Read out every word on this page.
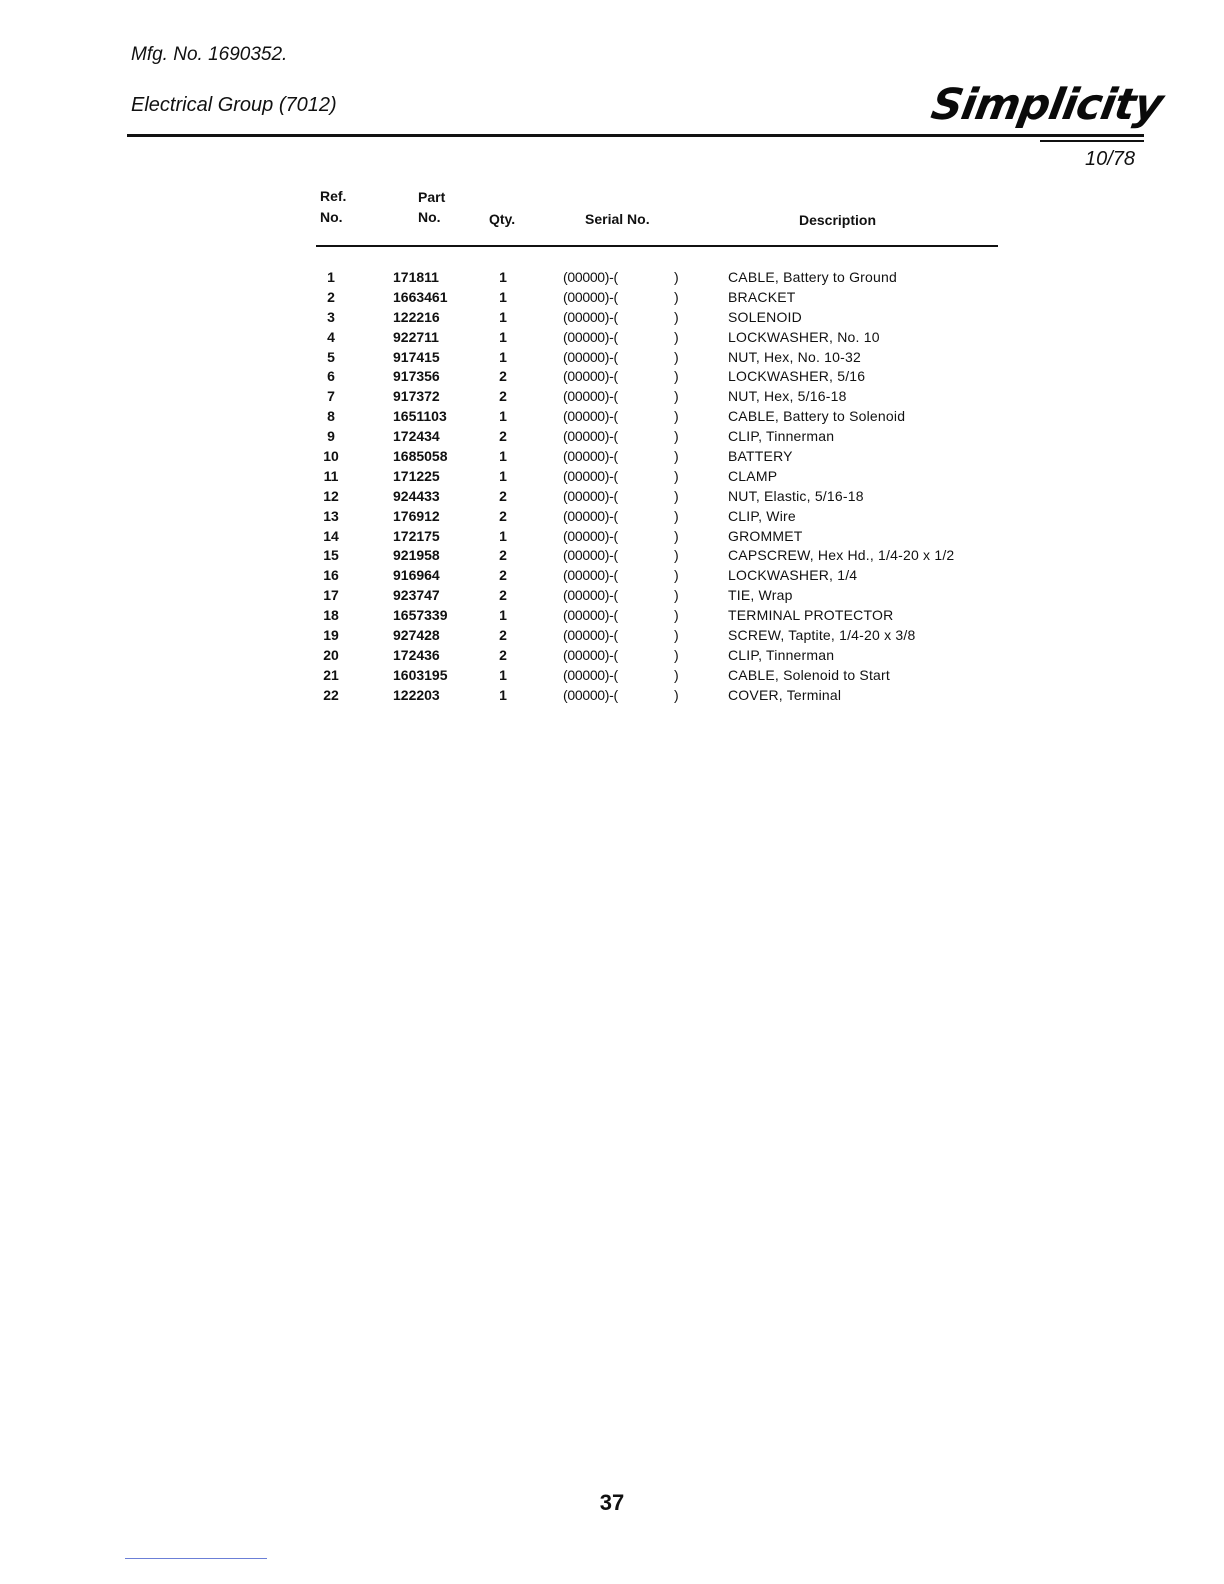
Mfg. No. 1690352.
Electrical Group (7012)	Simplicity
10/78
Ref.
No.
Part
No.	Qty.	Serial No.	Description
1	171811	1	(00000)-(	)	CABLE, Battery to Ground
2	1663461	1	(00000)-(	)	BRACKET
3	122216	1	(00000)-(	)	SOLENOID
4	922711	1	(00000)-(	)	LOCKWASHER, No. 10
5	917415	1	(00000)-(	)	NUT, Hex, No. 10-32
6	917356	2	(00000)-(	)	LOCKWASHER, 5/16
7	917372	2	(00000)-(	)	NUT, Hex, 5/16-18
8	1651103	1	(00000)-(	)	CABLE, Battery to Solenoid
9	172434	2	(00000)-(	)	CLIP, Tinnerman
10	1685058	1	(00000)-(	)	BATTERY
11	171225	1	(00000)-(	)	CLAMP
12	924433	2	(00000)-(	)	NUT, Elastic, 5/16-18
13	176912	2	(00000)-(	)	CLIP, Wire
14	172175	1	(00000)-(	)	GROMMET
15	921958	2	(00000)-(	)	CAPSCREW, Hex Hd., 1/4-20 x 1/2
16	916964	2	(00000)-(	)	LOCKWASHER, 1/4
17	923747	2	(00000)-(	)	TIE, Wrap
18	1657339	1	(00000)-(	)	TERMINAL PROTECTOR
19	927428	2	(00000)-(	)	SCREW, Taptite, 1/4-20 x 3/8
20	172436	2	(00000)-(	)	CLIP, Tinnerman
21	1603195	1	(00000)-(	)	CABLE, Solenoid to Start
22	122203	1	(00000)-(	)	COVER, Terminal
37
